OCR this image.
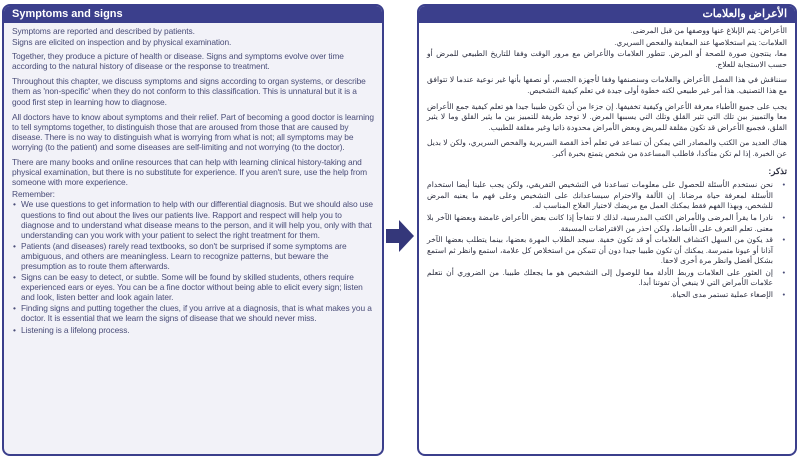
Symptoms and signs

Symptoms are reported and described by patients.

Signs are elicited on inspection and by physical examination.

Together, they produce a picture of health or disease. Signs and symptoms evolve over time according to the natural history of disease or the response to treatment.

Throughout this chapter, we discuss symptoms and signs according to organ systems, or describe them as 'non-specific' when they do not conform to this classification. This is unnatural but it is a good first step in learning how to diagnose.

All doctors have to know about symptoms and their relief. Part of becoming a good doctor is learning to tell symptoms together, to distinguish those that are aroused from those that are caused by disease. There is no way to distinguish what is worrying from what is not; all symptoms may be worrying (to the patient) and some diseases are self-limiting and not worrying (to the doctor).

There are many books and online resources that can help with learning clinical history-taking and physical examination, but there is no substitute for experience. If you aren't sure, use the help from someone with more experience.

Remember:
• We use questions to get information to help with our differential diagnosis. But we should also use questions to find out about the lives our patients live. Rapport and respect will help you to diagnose and to understand what disease means to the person, and it will help you, only with that understanding can you work with your patient to select the right treatment for them.
• Patients (and diseases) rarely read textbooks, so don't be surprised if some symptoms are ambiguous, and others are meaningless. Learn to recognize patterns, but beware the presumption as to route them afterwards.
• Signs can be easy to detect, or subtle. Some will be found by skilled students, others require experienced ears or eyes. You can be a fine doctor without being able to elicit every sign; listen and look, listen better and look again later.
• Finding signs and putting together the clues, if you arrive at a diagnosis, that is what makes you a doctor. It is essential that we learn the signs of disease that we should never miss.
• Listening is a lifelong process.
الأعراض والعلامات

الأعراض: يتم الإبلاغ عنها ووصفها من قبل المرضى.

العلامات: يتم استخلاصها عند المعاينة والفحص السريري.

معا، ينتجون صورة للصحة أو المرض. تتطور العلامات والأعراض مع مرور الوقت وفقا للتاريخ الطبيعي للمرض أو حسب الاستجابة للعلاج.

سنناقش في هذا الفصل الأعراض والعلامات وسنصنفها وفقا لأجهزة الجسم، أو نصفها بأنها غير نوعية عندما لا تتوافق مع هذا التصنيف. هذا أمر غير طبيعي لكنه خطوة أولى جيدة في تعلم كيفية التشخيص.

يجب على جميع الأطباء معرفة الأعراض وكيفية تخفيفها. إن جزءا من أن تكون طبيبا جيدا هو تعلم كيفية جمع الأعراض معا والتمييز بين تلك التي تثير القلق وتلك التي يسببها المرض. لا توجد طريقة للتمييز بين ما يثير القلق وما لا يثير القلق، فجميع الأعراض قد تكون مقلقة للمريض وبعض الأمراض محدودة ذاتيا وغير مقلقة للطبيب.

هناك العديد من الكتب والمصادر التي يمكن أن تساعد في تعلم أخذ القصة السريرية والفحص السريري، ولكن لا بديل عن الخبرة. إذا لم تكن متأكدا، فاطلب المساعدة من شخص يتمتع بخبرة أكبر.

تذكر:
• نحن نستخدم الأسئلة للحصول على معلومات تساعدنا في التشخيص التفريقي، ولكن يجب علينا أيضا استخدام الأسئلة لمعرفة حياة مرضانا. إن الألفة والاحترام سيساعدانك على التشخيص وعلى فهم ما يعنيه المرض للشخص، وبهذا الفهم فقط يمكنك العمل مع مريضك لاختيار العلاج المناسب له.
• نادرا ما يقرأ المرضى والأمراض الكتب المدرسية، لذلك لا تتفاجأ إذا كانت بعض الأعراض غامضة وبعضها الآخر بلا معنى. تعلم التعرف على الأنماط، ولكن احذر من الافتراضات المسبقة.
• قد يكون من السهل اكتشاف العلامات أو قد تكون خفية. سيجد الطلاب المهرة بعضها، بينما يتطلب بعضها الآخر آذانا أو عيونا متمرسة. يمكنك أن تكون طبيبا جيدا دون أن تتمكن من استخلاص كل علامة، استمع وانظر ثم استمع بشكل أفضل وانظر مرة أخرى لاحقا.
• إن العثور على العلامات وربط الأدلة معا للوصول إلى التشخيص هو ما يجعلك طبيبا. من الضروري أن نتعلم علامات الأمراض التي لا ينبغي أن تفوتنا أبدا.
• الإصغاء عملية تستمر مدى الحياة.
